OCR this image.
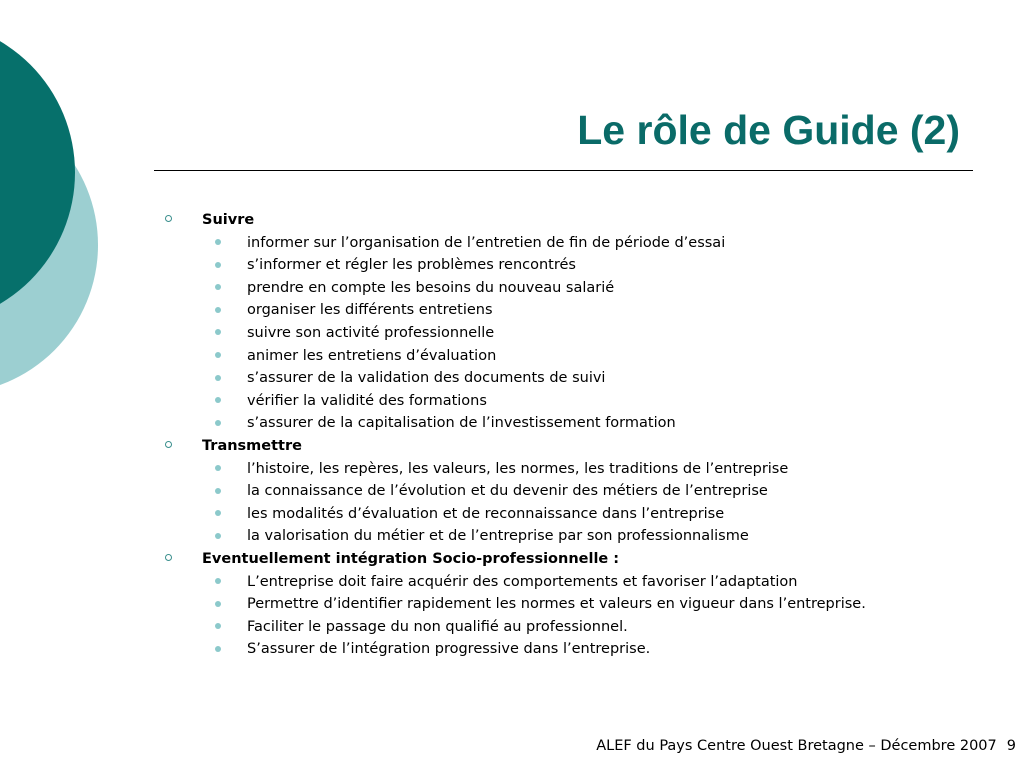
Le rôle de Guide (2)
Suivre
informer sur l’organisation de l’entretien de fin de période d’essai
s’informer et régler les problèmes rencontrés
prendre en compte les besoins du nouveau salarié
organiser les différents entretiens
suivre son activité professionnelle
animer les entretiens d’évaluation
s’assurer de la validation des documents de suivi
vérifier la validité des formations
s’assurer de la capitalisation de l’investissement formation
Transmettre
l’histoire, les repères, les valeurs, les normes, les traditions de l’entreprise
la connaissance de l’évolution et du devenir des métiers de l’entreprise
les modalités d’évaluation et de reconnaissance dans l’entreprise
la valorisation du métier et de l’entreprise par son professionnalisme
Eventuellement intégration Socio-professionnelle :
L’entreprise doit faire acquérir des comportements et favoriser l’adaptation
Permettre d’identifier rapidement les normes et valeurs en vigueur dans l’entreprise.
Faciliter le passage du non qualifié au professionnel.
S’assurer de l’intégration progressive dans l’entreprise.
ALEF du Pays Centre Ouest Bretagne – Décembre 2007 9
